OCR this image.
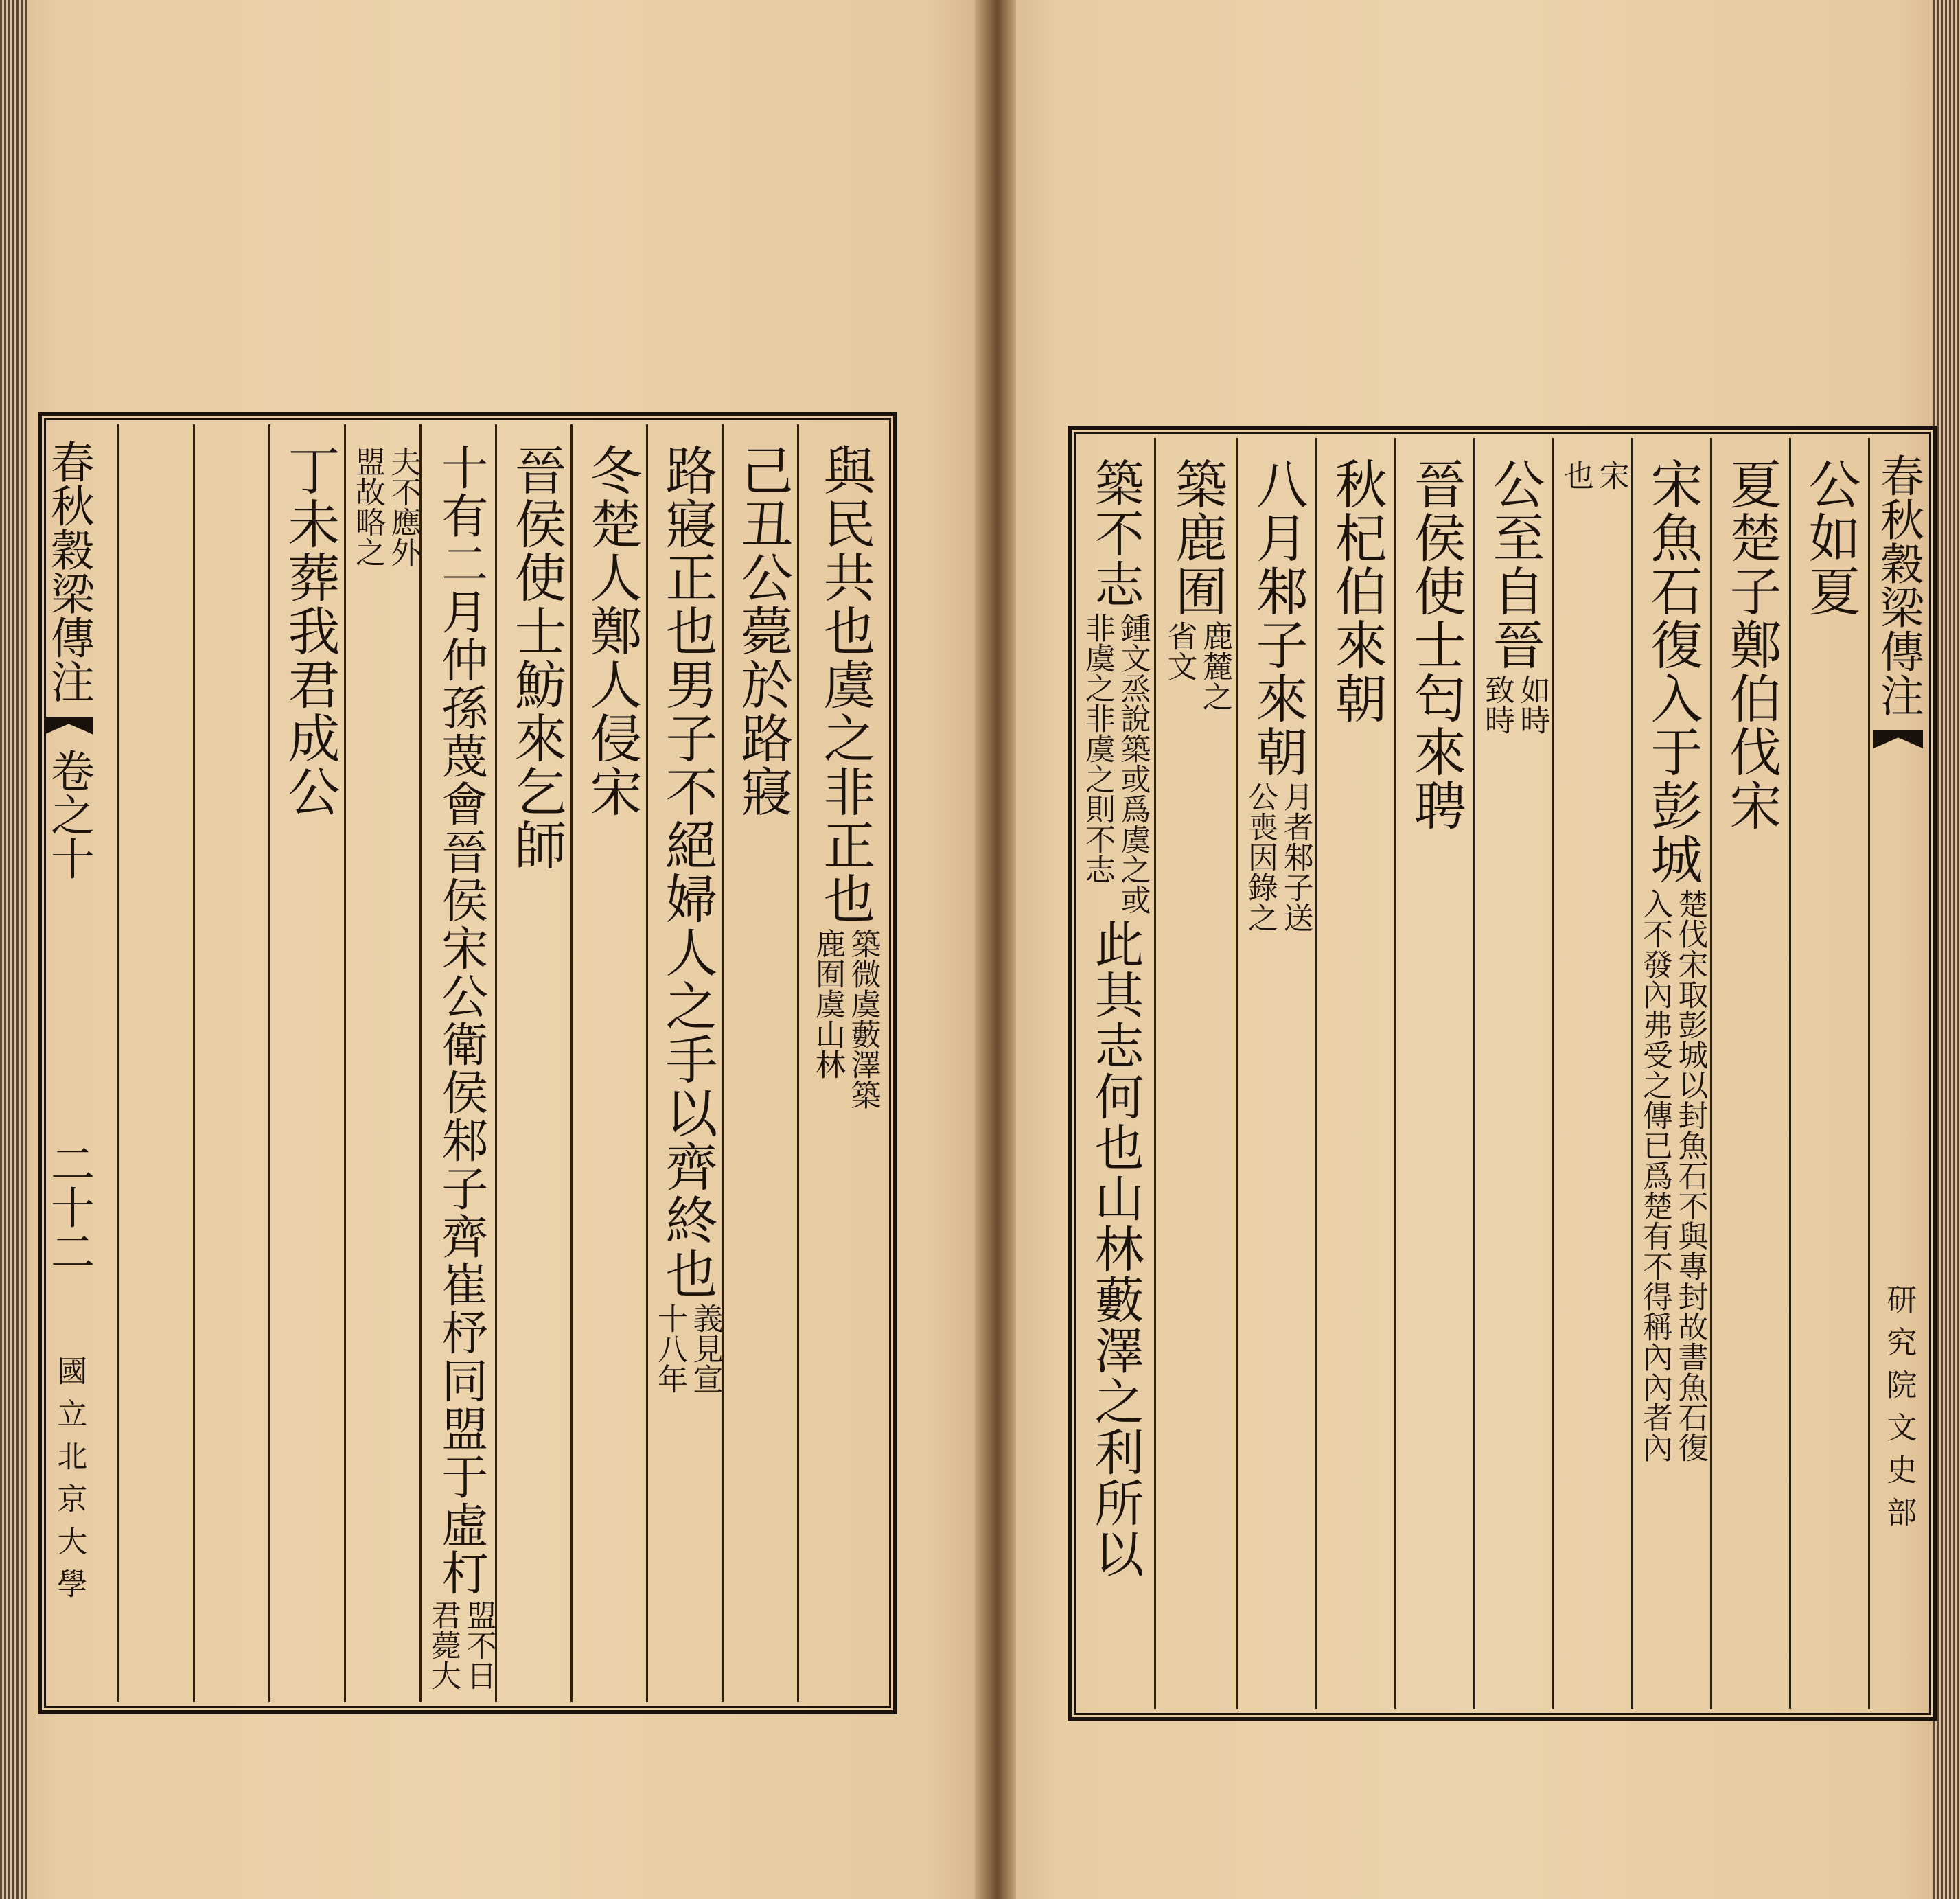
與民共也虞之非正也
築微虞藪澤築
鹿囿虞山林
己丑公薨於路寢
路寢正也男子不絕婦人之手以齊終也
義見宣
十八年
冬楚人鄭人侵宋
晉侯使士魴來乞師
十有二月仲孫蔑會晉侯宋公衛侯邾子齊崔杼同盟于虛朾
盟不日
君薨大
夫不應外
盟故略之
丁未葬我君成公
春秋穀梁傳注
卷之十
二十二
國立北京大學
公如夏
夏楚子鄭伯伐宋
宋魚石復入于彭城
楚伐宋取彭城以封魚石不與專封故書魚石復
入不發內弗受之傳已爲楚有不得稱內內者內
宋
也
公至自晉
如時
致時
晉侯使士匄來聘
秋杞伯來朝
八月邾子來朝
月者邾子送
公喪因錄之
築鹿囿
鹿麓之
省文
築不志
鍾文烝說築或爲虞之或
非虞之非虞之則不志
此其志何也山林藪澤之利所以
春秋穀梁傳注
研究院文史部
